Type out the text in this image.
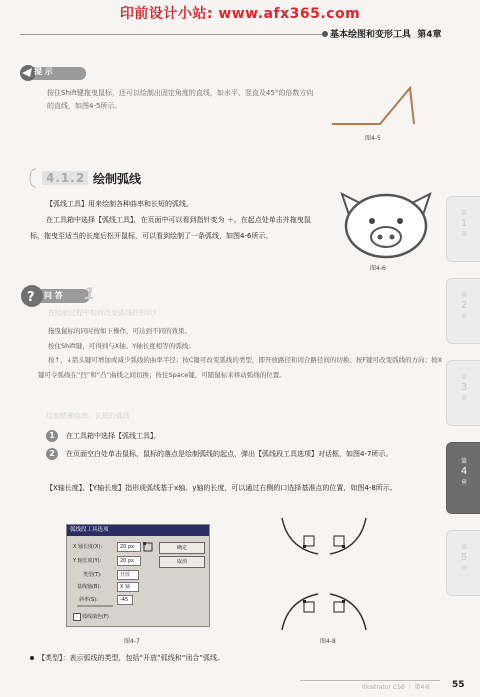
印前设计小站: www.afx365.com
基本绘图和变形工具 第4章
提 示
按住Shift键拖曳鼠标，还可以绘制出固定角度的直线，如水平、竖直及45°的倍数方向的直线，如图4-5所示。
图4-5
4.1.2 绘制弧线
【弧线工具】用来绘制各种曲率和长短的弧线。
在工具箱中选择【弧线工具】，在页面中可以看到指针变为 ＋。在起点处单击并拖曳鼠标，拖曳至适当的长度后松开鼠标，可以看到绘制了一条弧线，如图4-6所示。
图4-6
? 问 答 1
在绘制过程中如何改变弧线的形状?
拖曳鼠标的同时按如下操作，可达到不同的效果。
按住Shift键，可得到与X轴、Y轴长度相等的弧线；
按↑、↓箭头键可增加或减少弧线的曲率半径；按C键可改变弧线的类型，即开放路径和闭合路径间的切换；按F键可改变弧线的方向；按X键可令弧线在“凹”和“凸”曲线之间切换；按住Space键，可随鼠标来移动弧线的位置。
绘制精确曲率、长短的弧线
1	在工具箱中选择【弧线工具】。
2	在页面空白处单击鼠标，鼠标的落点是绘制弧线的起点，弹出【弧线段工具选项】对话框，如图4-7所示。
【X轴长度】、【Y轴长度】指形成弧线基于x轴、y轴的长度，可以通过右侧的口选择基准点的位置，如图4-8所示。
弧线段工具选项
X 轴长度(X):	20 px
Y 轴长度(Y):	20 px
确定
取消
类型(T):	开放
基线轴(B):	X 轴
斜率(S):	-45
弧线填色(F)
图4-7	图4-8
【类型】：表示弧线的类型，包括“开放”弧线和“闭合”弧线。
Illustrator CS6 ｜ 第4章 55
第
1
章
第
2
章
第
3
章
第
4
章
第
5
章
